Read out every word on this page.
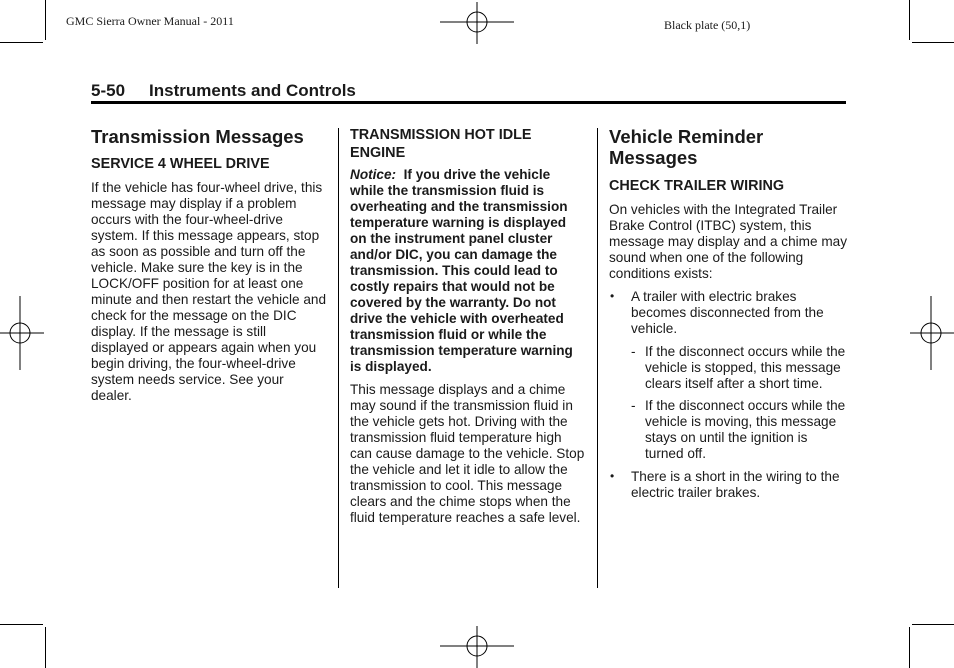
GMC Sierra Owner Manual - 2011	Black plate (50,1)
5-50 Instruments and Controls
Transmission Messages
SERVICE 4 WHEEL DRIVE

If the vehicle has four-wheel drive, this message may display if a problem occurs with the four-wheel-drive system. If this message appears, stop as soon as possible and turn off the vehicle. Make sure the key is in the LOCK/OFF position for at least one minute and then restart the vehicle and check for the message on the DIC display. If the message is still displayed or appears again when you begin driving, the four-wheel-drive system needs service. See your dealer.

TRANSMISSION HOT IDLE ENGINE

Notice: If you drive the vehicle while the transmission fluid is overheating and the transmission temperature warning is displayed on the instrument panel cluster and/or DIC, you can damage the transmission. This could lead to costly repairs that would not be covered by the warranty. Do not drive the vehicle with overheated transmission fluid or while the transmission temperature warning is displayed.

This message displays and a chime may sound if the transmission fluid in the vehicle gets hot. Driving with the transmission fluid temperature high can cause damage to the vehicle. Stop the vehicle and let it idle to allow the transmission to cool. This message clears and the chime stops when the fluid temperature reaches a safe level.

Vehicle Reminder Messages
CHECK TRAILER WIRING

On vehicles with the Integrated Trailer Brake Control (ITBC) system, this message may display and a chime may sound when one of the following conditions exists:

• A trailer with electric brakes becomes disconnected from the vehicle.
- If the disconnect occurs while the vehicle is stopped, this message clears itself after a short time.
- If the disconnect occurs while the vehicle is moving, this message stays on until the ignition is turned off.
• There is a short in the wiring to the electric trailer brakes.
